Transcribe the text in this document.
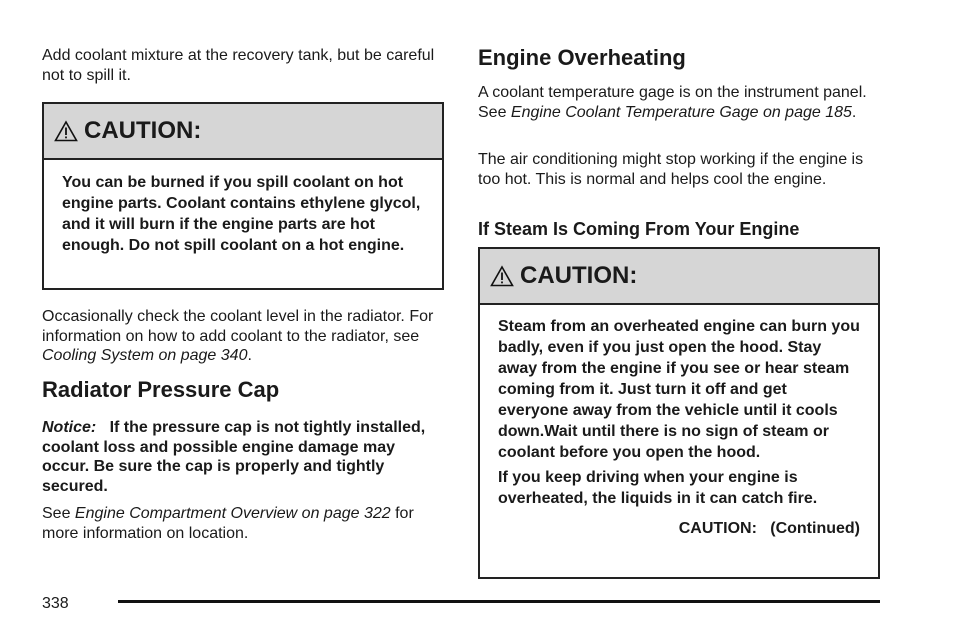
Add coolant mixture at the recovery tank, but be careful not to spill it.

CAUTION:

You can be burned if you spill coolant on hot engine parts. Coolant contains ethylene glycol, and it will burn if the engine parts are hot enough. Do not spill coolant on a hot engine.

Occasionally check the coolant level in the radiator. For information on how to add coolant to the radiator, see Cooling System on page 340.

Radiator Pressure Cap

Notice: If the pressure cap is not tightly installed, coolant loss and possible engine damage may occur. Be sure the cap is properly and tightly secured.

See Engine Compartment Overview on page 322 for more information on location.

Engine Overheating

A coolant temperature gage is on the instrument panel. See Engine Coolant Temperature Gage on page 185.

The air conditioning might stop working if the engine is too hot. This is normal and helps cool the engine.

If Steam Is Coming From Your Engine
CAUTION:

Steam from an overheated engine can burn you badly, even if you just open the hood. Stay away from the engine if you see or hear steam coming from it. Just turn it off and get everyone away from the vehicle until it cools down.Wait until there is no sign of steam or coolant before you open the hood.

If you keep driving when your engine is overheated, the liquids in it can catch fire.

CAUTION:   (Continued)

338
